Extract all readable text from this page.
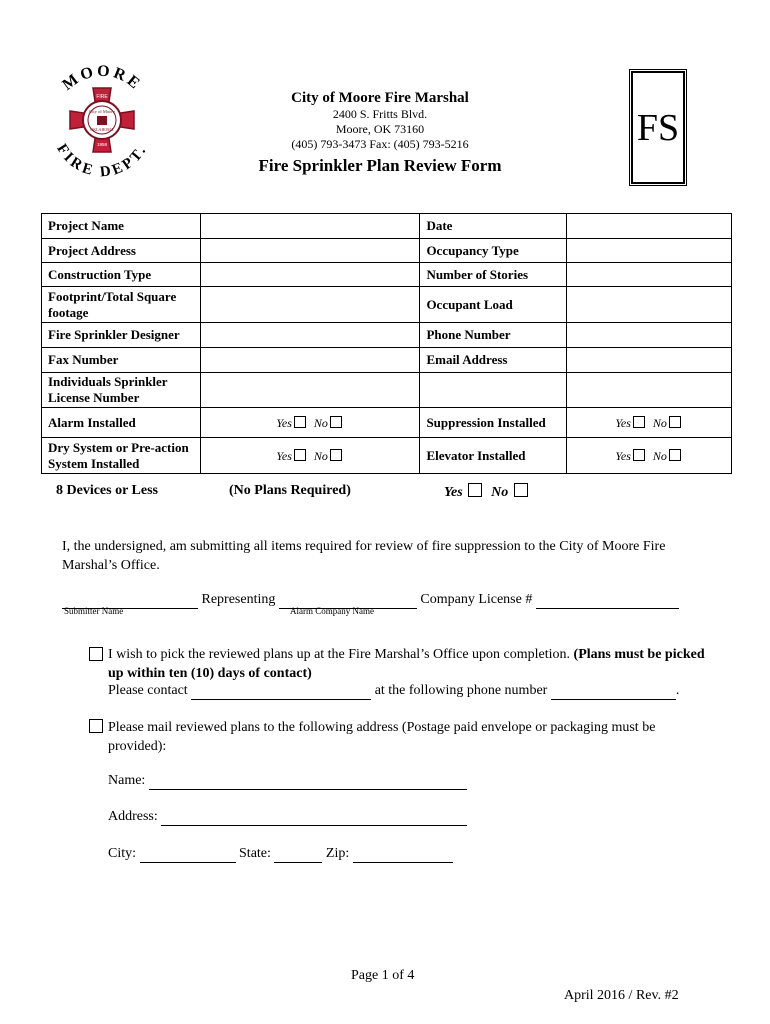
MOORE
FIRE DEPT.
FIRE
City of Moore
OKLAHOMA
1958
City of Moore Fire Marshal
2400 S. Fritts Blvd.
Moore, OK 73160
(405) 793-3473 Fax: (405) 793-5216
Fire Sprinkler Plan Review Form
FS
Project Name		Date	
Project Address		Occupancy Type	
Construction Type		Number of Stories	
Footprint/Total Square footage		Occupant Load	
Fire Sprinkler Designer		Phone Number	
Fax Number		Email Address	
Individuals Sprinkler License Number			
Alarm Installed	Yes No	Suppression Installed	Yes No
Dry System or Pre-action System Installed	Yes No	Elevator Installed	Yes No
8 Devices or Less	(No Plans Required)	Yes No
I, the undersigned, am submitting all items required for review of fire suppression to the City of Moore Fire Marshal’s Office.
Representing	Company License #
Submitter Name	Alarm Company Name
I wish to pick the reviewed plans up at the Fire Marshal’s Office upon completion. (Plans must be picked up within ten (10) days of contact)
Please contact	at the following phone number	.
Please mail reviewed plans to the following address (Postage paid envelope or packaging must be provided):
Name:
Address:
City:	State:	Zip:
Page 1 of 4
April 2016 / Rev. #2
